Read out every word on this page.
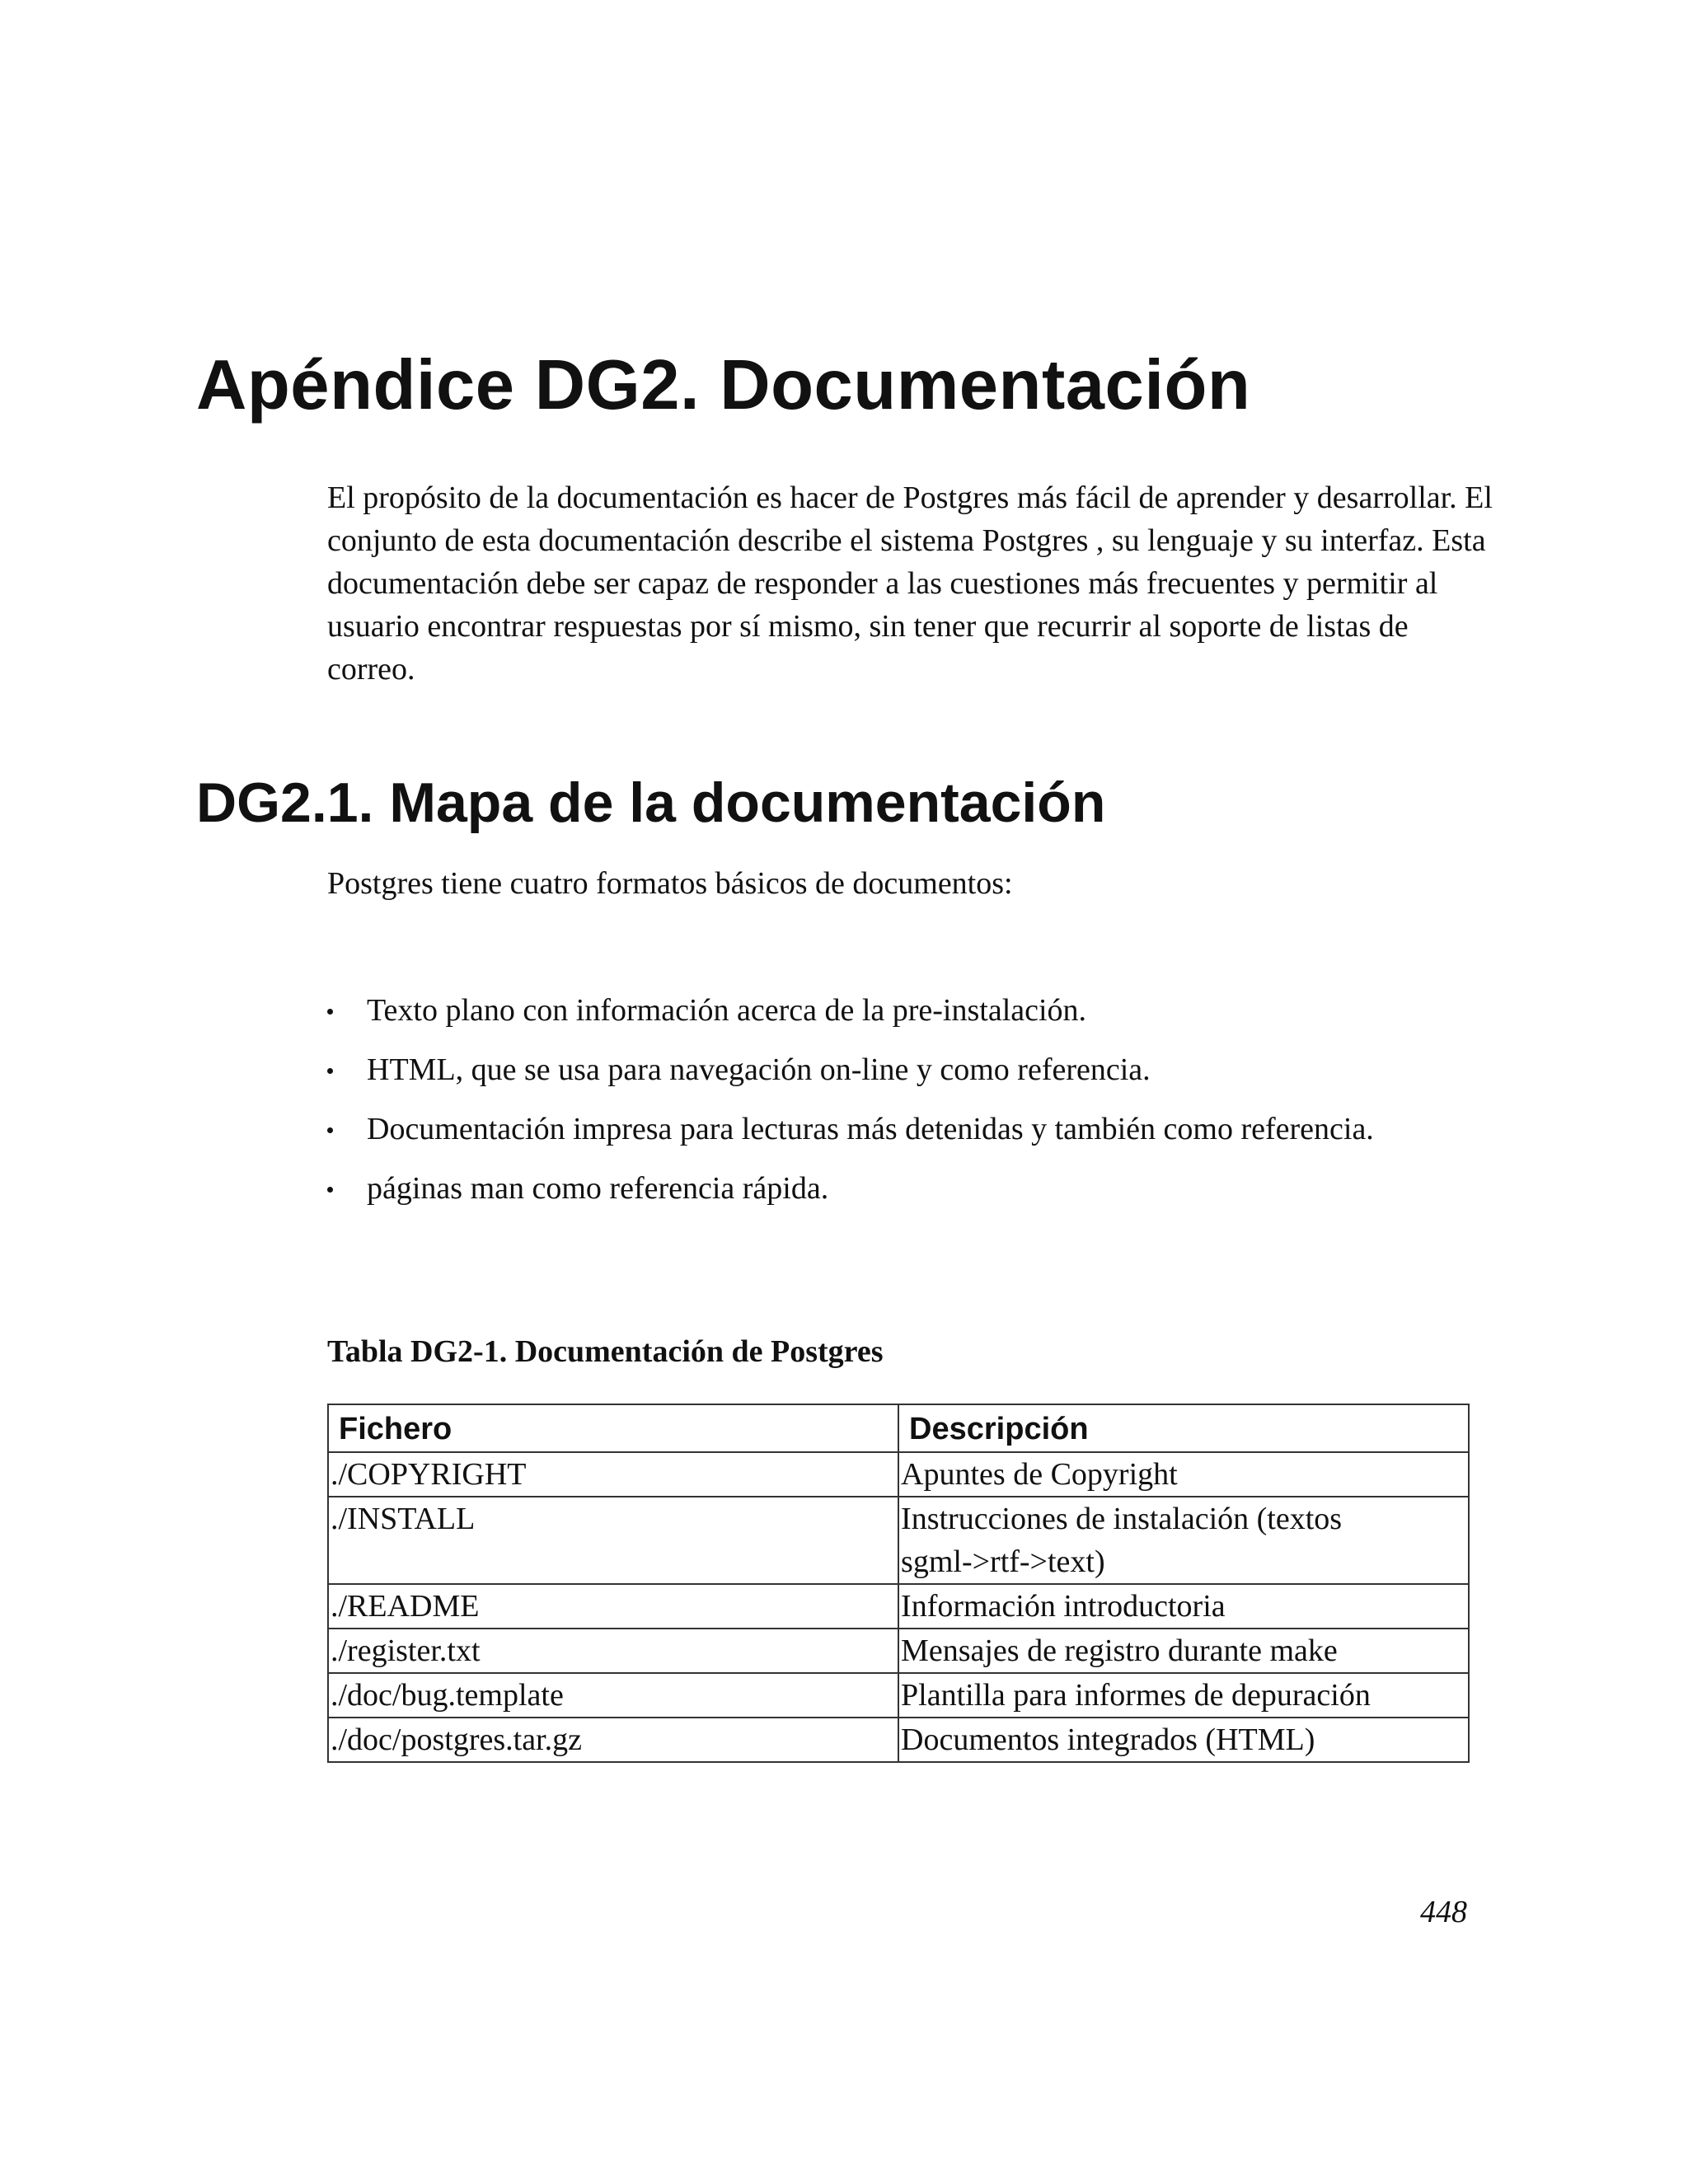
Apéndice DG2. Documentación

El propósito de la documentación es hacer de Postgres más fácil de aprender y desarrollar. El conjunto de esta documentación describe el sistema Postgres , su lenguaje y su interfaz. Esta documentación debe ser capaz de responder a las cuestiones más frecuentes y permitir al usuario encontrar respuestas por sí mismo, sin tener que recurrir al soporte de listas de correo.

DG2.1. Mapa de la documentación

Postgres tiene cuatro formatos básicos de documentos:

Texto plano con información acerca de la pre-instalación.
HTML, que se usa para navegación on-line y como referencia.
Documentación impresa para lecturas más detenidas y también como referencia.
páginas man como referencia rápida.

Tabla DG2-1. Documentación de Postgres

Fichero	Descripción
./COPYRIGHT	Apuntes de Copyright
./INSTALL	Instrucciones de instalación (textos sgml->rtf->text)
./README	Información introductoria
./register.txt	Mensajes de registro durante make
./doc/bug.template	Plantilla para informes de depuración
./doc/postgres.tar.gz	Documentos integrados (HTML)

448
